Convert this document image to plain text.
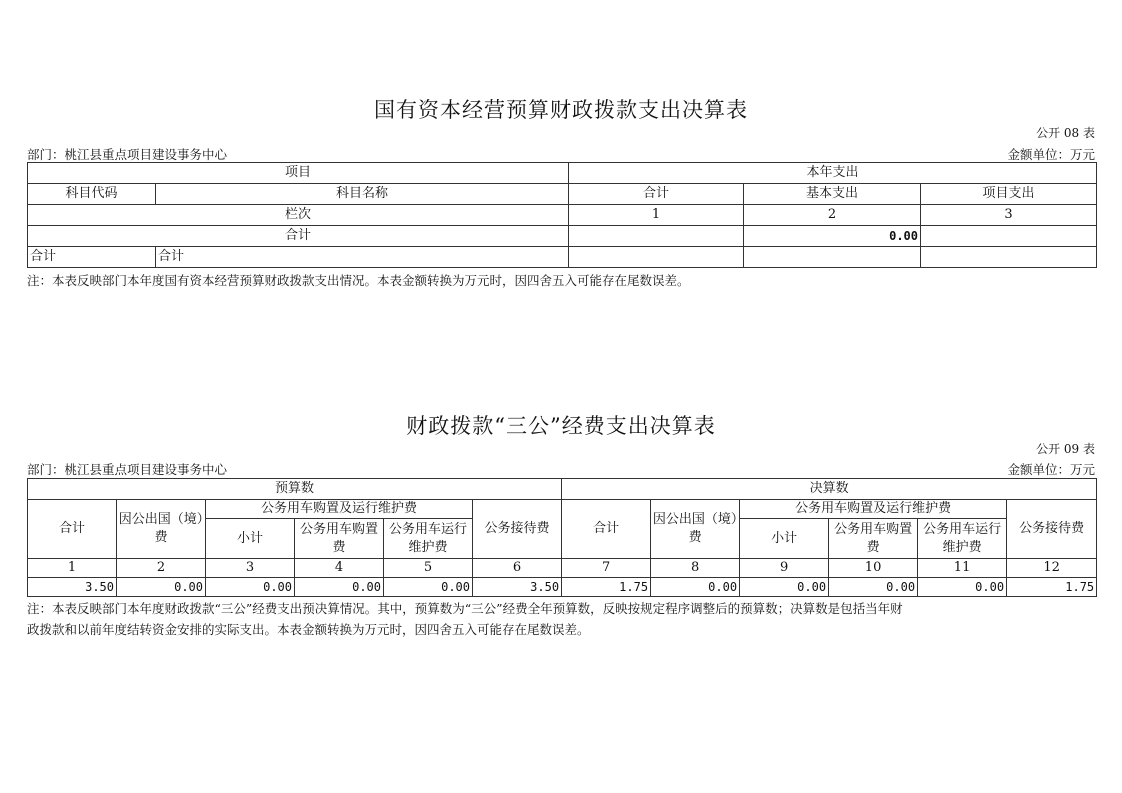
国有资本经营预算财政拨款支出决算表
公开 08 表
部门：桃江县重点项目建设事务中心	金额单位：万元
项目		本年支出		
科目代码	科目名称	合计	基本支出	项目支出
栏次		1	2	3
合计			0.00	
合计	合计			
注：本表反映部门本年度国有资本经营预算财政拨款支出情况。本表金额转换为万元时，因四舍五入可能存在尾数误差。
财政拨款“三公”经费支出决算表
公开 09 表
部门：桃江县重点项目建设事务中心	金额单位：万元
预算数						决算数					
合计	因公出国（境）费	公务用车购置及运行维护费			公务接待费	合计	因公出国（境）费	公务用车购置及运行维护费			公务接待费
		小计	公务用车购置费	公务用车运行维护费				小计	公务用车购置费	公务用车运行维护费	
1	2	3	4	5	6	7	8	9	10	11	12
3.50	0.00	0.00	0.00	0.00	3.50	1.75	0.00	0.00	0.00	0.00	1.75
注：本表反映部门本年度财政拨款“三公”经费支出预决算情况。其中，预算数为“三公”经费全年预算数，反映按规定程序调整后的预算数；决算数是包括当年财
政拨款和以前年度结转资金安排的实际支出。本表金额转换为万元时，因四舍五入可能存在尾数误差。
